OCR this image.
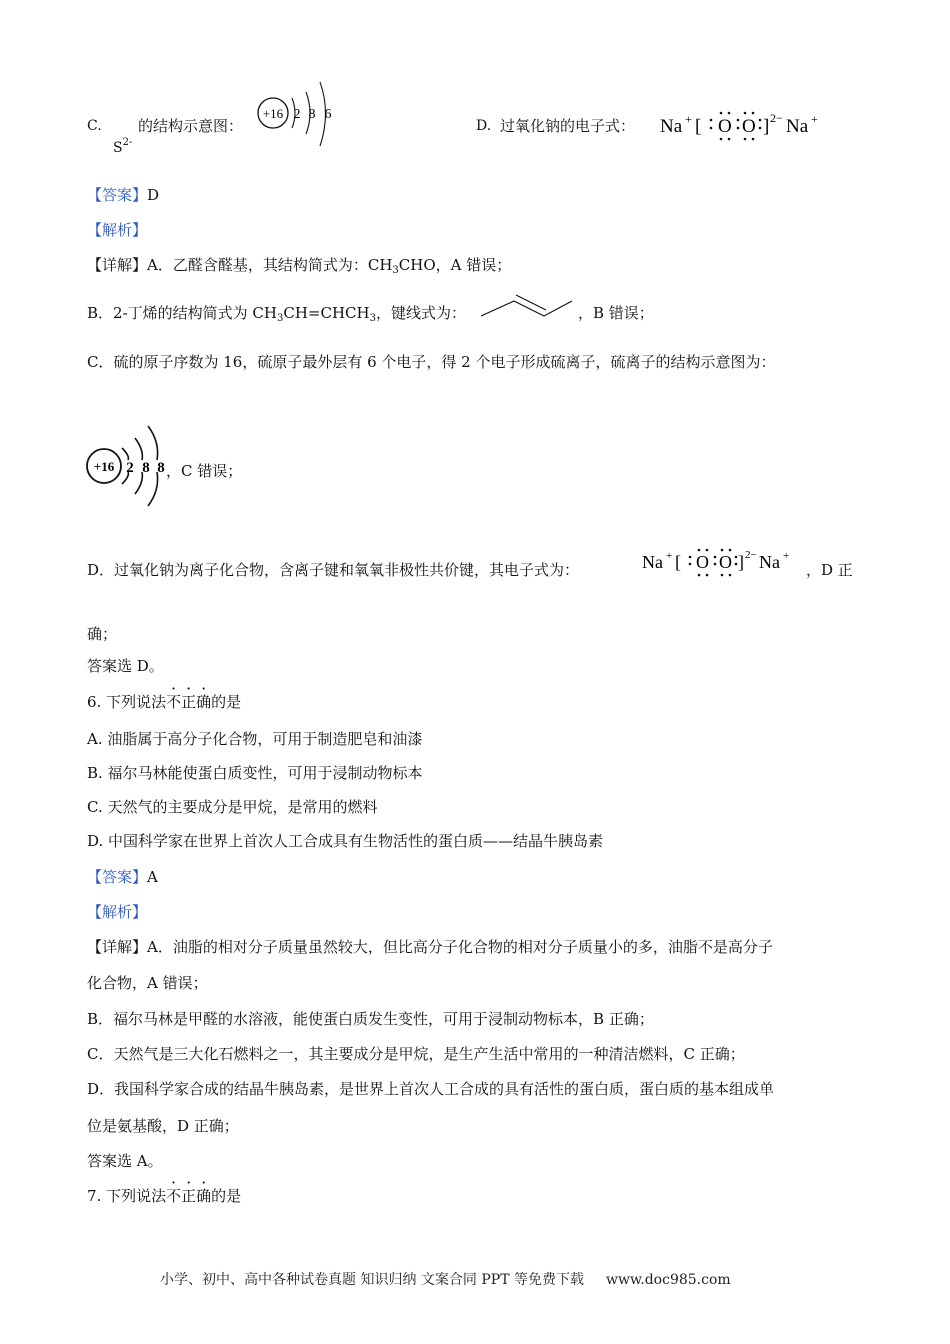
C.
$S^{2-}$
的结构示意图：
+16 2 8 6
D. 过氧化钠的电子式： Na + [ O O ] 2− Na +
【答案】D
【解析】
【详解】A．乙醛含醛基，其结构简式为：$CH_3CHO$，A 错误；
B．2-丁烯的结构简式为 $CH_3CH=CHCH_3$，键线式为：	，B 错误；
C．硫的原子序数为 16，硫原子最外层有 6 个电子，得 2 个电子形成硫离子，硫离子的结构示意图为：
+16 2 8 8 ，C 错误；
D．过氧化钠为离子化合物，含离子键和氧氧非极性共价键，其电子式为：	Na + [ O O ] 2− Na +
，D 正
确；
答案选 D。
6. 下列说法不正确的是
A. 油脂属于高分子化合物，可用于制造肥皂和油漆
B. 福尔马林能使蛋白质变性，可用于浸制动物标本
C. 天然气的主要成分是甲烷，是常用的燃料
D. 中国科学家在世界上首次人工合成具有生物活性的蛋白质——结晶牛胰岛素
【答案】A
【解析】
【详解】A．油脂的相对分子质量虽然较大，但比高分子化合物的相对分子质量小的多，油脂不是高分子
化合物，A 错误；
B．福尔马林是甲醛的水溶液，能使蛋白质发生变性，可用于浸制动物标本，B 正确；
C．天然气是三大化石燃料之一，其主要成分是甲烷，是生产生活中常用的一种清洁燃料，C 正确；
D．我国科学家合成的结晶牛胰岛素，是世界上首次人工合成的具有活性的蛋白质，蛋白质的基本组成单
位是氨基酸，D 正确；
答案选 A。
7. 下列说法不正确的是
小学、初中、高中各种试卷真题 知识归纳 文案合同 PPT 等免费下载 www.doc985.com
